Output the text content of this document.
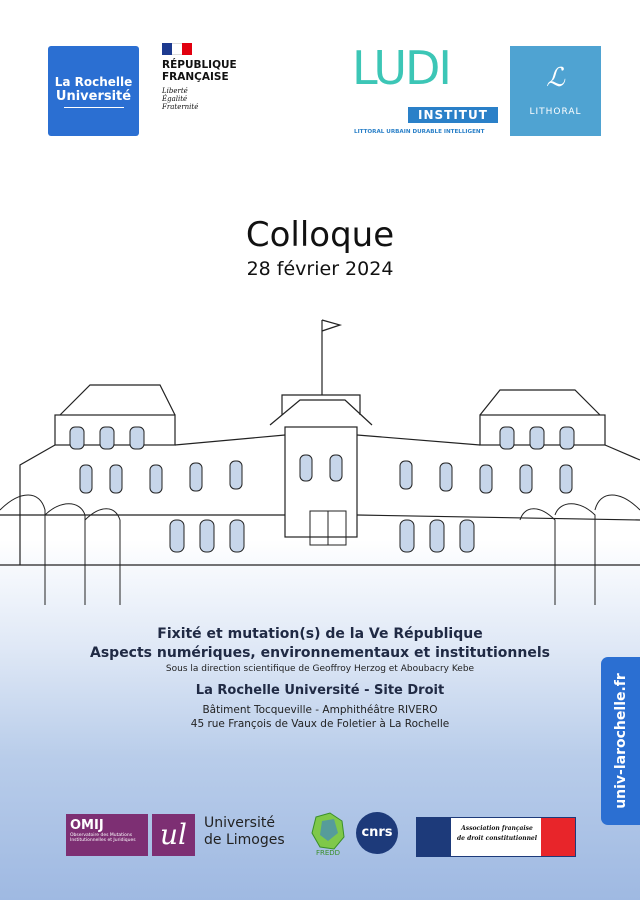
La Rochelle
Université
RÉPUBLIQUE
FRANÇAISE
Liberté
Égalité
Fraternité
LUDI
INSTITUT
LITTORAL URBAIN DURABLE INTELLIGENT
ℒ
LITHORAL
Colloque
28 février 2024
Fixité et mutation(s) de la Ve République
Aspects numériques, environnementaux et institutionnels
Sous la direction scientifique de Geoffroy Herzog et Aboubacry Kebe
La Rochelle Université - Site Droit
Bâtiment Tocqueville - Amphithéâtre RIVERO
45 rue François de Vaux de Foletier à La Rochelle	univ-larochelle.fr
OMIJ
Observatoire des Mutations Institutionnelles et Juridiques ul	Université
de Limoges
FREDD
cnrs	Association française
de droit constitutionnel
